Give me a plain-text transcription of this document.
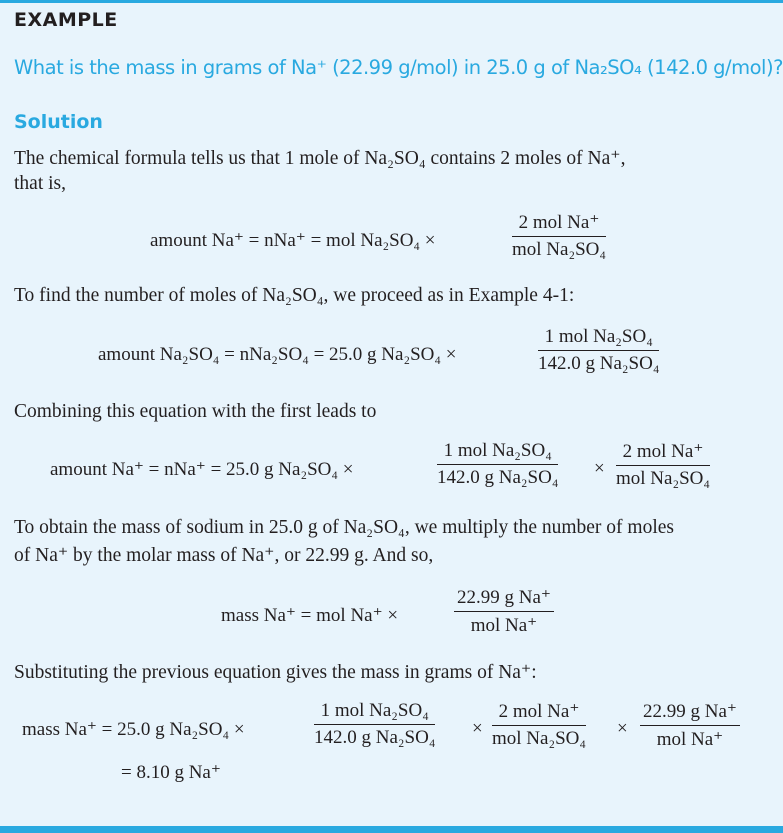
EXAMPLE
What is the mass in grams of Na⁺ (22.99 g/mol) in 25.0 g of Na₂SO₄ (142.0 g/mol)?
Solution
The chemical formula tells us that 1 mole of Na₂SO₄ contains 2 moles of Na⁺,
that is,
amount Na⁺ = nNa⁺ = mol Na₂SO₄ ×
2 mol Na⁺
mol Na₂SO₄
To find the number of moles of Na₂SO₄, we proceed as in Example 4-1:
amount Na₂SO₄ = nNa₂SO₄ = 25.0 g Na₂SO₄ ×
1 mol Na₂SO₄
142.0 g Na₂SO₄
Combining this equation with the first leads to
amount Na⁺ = nNa⁺ = 25.0 g Na₂SO₄ ×
1 mol Na₂SO₄
142.0 g Na₂SO₄ ×
2 mol Na⁺
mol Na₂SO₄
To obtain the mass of sodium in 25.0 g of Na₂SO₄, we multiply the number of moles
of Na⁺ by the molar mass of Na⁺, or 22.99 g. And so,
mass Na⁺ = mol Na⁺ ×
22.99 g Na⁺
mol Na⁺
Substituting the previous equation gives the mass in grams of Na⁺:
mass Na⁺ = 25.0 g Na₂SO₄ ×
1 mol Na₂SO₄
142.0 g Na₂SO₄ ×
2 mol Na⁺
mol Na₂SO₄ ×
22.99 g Na⁺
mol Na⁺
= 8.10 g Na⁺
